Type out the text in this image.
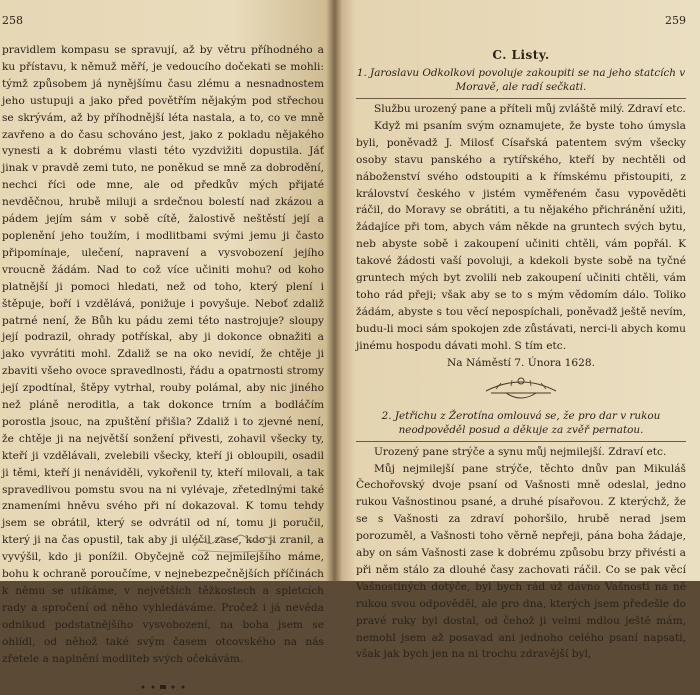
258

pravidlem kompasu se spravují, až by větru příhodného a ku přístavu, k němuž měří, je vedoucího dočekati se mohli: týmž způsobem já nynějšímu času zlému a nesnadnostem jeho ustupuji a jako před povětřím nějakým pod střechou se skrývám, až by příhodnější léta nastala, a to, co ve mně zavřeno a do času schováno jest, jako z pokladu nějakého vynesti a k dobrému vlasti této vyzdvižiti dopustila. Jáť jinak v pravdě zemi tuto, ne poněkud se mně za dobrodění, nechci říci ode mne, ale od předkův mých přijaté nevděčnou, hrubě miluji a srdečnou bolestí nad zkázou a pádem jejím sám v sobě cítě, žalostivě neštěstí její a poplenění jeho toužím, i modlitbami svými jemu ji často připomínaje, ulečení, napravení a vysvobození jejího vroucně žádám. Nad to což více učiniti mohu? od koho platnější ji pomoci hledati, než od toho, který plení i štěpuje, boří i vzdělává, ponižuje i povyšuje. Neboť zdaliž patrné není, že Bůh ku pádu zemi této nastrojuje? sloupy její podrazil, ohrady potřískal, aby ji dokonce obnažiti a jako vyvrátiti mohl. Zdaliž se na oko nevidí, že chtěje ji zbaviti všeho ovoce spravedlnosti, řádu a opatrnosti stromy její zpodtínal, štěpy vytrhal, rouby polámal, aby nic jiného než pláně neroditla, a tak dokonce trním a bodláčím porostla jsouc, na zpuštění přišla? Zdaliž i to zjevné není, že chtěje ji na největší sonžení přivesti, zohavil všecky ty, kteří ji vzdělávali, zvelebili všecky, kteří ji obloupili, osadil ji těmi, kteří ji nenáviděli, vykořenil ty, kteří milovali, a tak spravedlivou pomstu svou na ni vylévaje, zřetedlnými také znameními hněvu svého při ní dokazoval. K tomu tehdy jsem se obrátil, který se odvrátil od ní, tomu ji poručil, který ji na čas opustil, tak aby ji uléčil zase, kdo ji zranil, a vyvýšil, kdo ji ponížil. Obyčejně což nejmilejšího máme, bohu k ochraně poroučíme, v nejnebezpečnějších příčinách k němu se utíkáme, v největších těžkostech a spletcích rady a spročení od něho vyhledáváme. Pročež i já nevěda odnikud podstatnějšího vysvobození, na boha jsem se ohlídl, od něhož také svým časem otcovského na nás zřetele a naplnění modliteb svých očekávám.

259
C. Listy.
1. Jaroslavu Odkolkovi povoluje zakoupiti se na jeho statcích v Moravě, ale radí sečkati.

Službu urozený pane a příteli můj zvláště milý. Zdraví etc.

Když mi psaním svým oznamujete, že byste toho úmysla byli, poněvadž J. Milosť Císařská patentem svým všecky osoby stavu panského a rytířského, kteří by nechtěli od náboženství svého odstoupiti a k římskému přistoupiti, z království českého v jistém vyměřeném času vypověděti ráčil, do Moravy se obrátiti, a tu nějakého přichránění užiti, žádajíce při tom, abych vám někde na gruntech svých bytu, neb abyste sobě i zakoupení učiniti chtěli, vám popřál. K takové žádosti vaší povoluji, a kdekoli byste sobě na tyčné gruntech mých byt zvolili neb zakoupení učiniti chtěli, vám toho rád přeji; však aby se to s mým vědomím dálo. Toliko žádám, abyste s tou věcí nepospíchali, poněvadž ještě nevím, budu-li moci sám spokojen zde zůstávati, nerci-li abych komu jinému hospodu dávati mohl. S tím etc.

Na Náměstí 7. Února 1628.
2. Jetřichu z Žerotína omlouvá se, že pro dar v rukou neodpověděl posud a děkuje za zvěř pernatou.

Urozený pane strýče a synu můj nejmilejší. Zdraví etc.

Můj nejmilejší pane strýče, těchto dnův pan Mikuláš Čechořovský dvoje psaní od Vašnosti mně odeslal, jedno rukou Vašnostinou psané, a druhé písařovou. Z kterýchž, že se s Vašnosti za zdraví pohoršilo, hrubě nerad jsem porozuměl, a Vašnosti toho věrně nepřeji, pána boha žádaje, aby on sám Vašnosti zase k dobrému způsobu brzy přivésti a při něm stálo za dlouhé časy zachovati ráčil. Co se pak věcí Vašnostiných dotýče, byl bych rád už dávno Vašnosti na ně rukou svou odpověděl, ale pro dna, kterých jsem předešle do pravé ruky byl dostal, od čehož ji velmi mdlou ještě mám, nemohl jsem až posavad ani jednoho celého psaní napsati, však jak bych jen na ni trochu zdravější byl,
